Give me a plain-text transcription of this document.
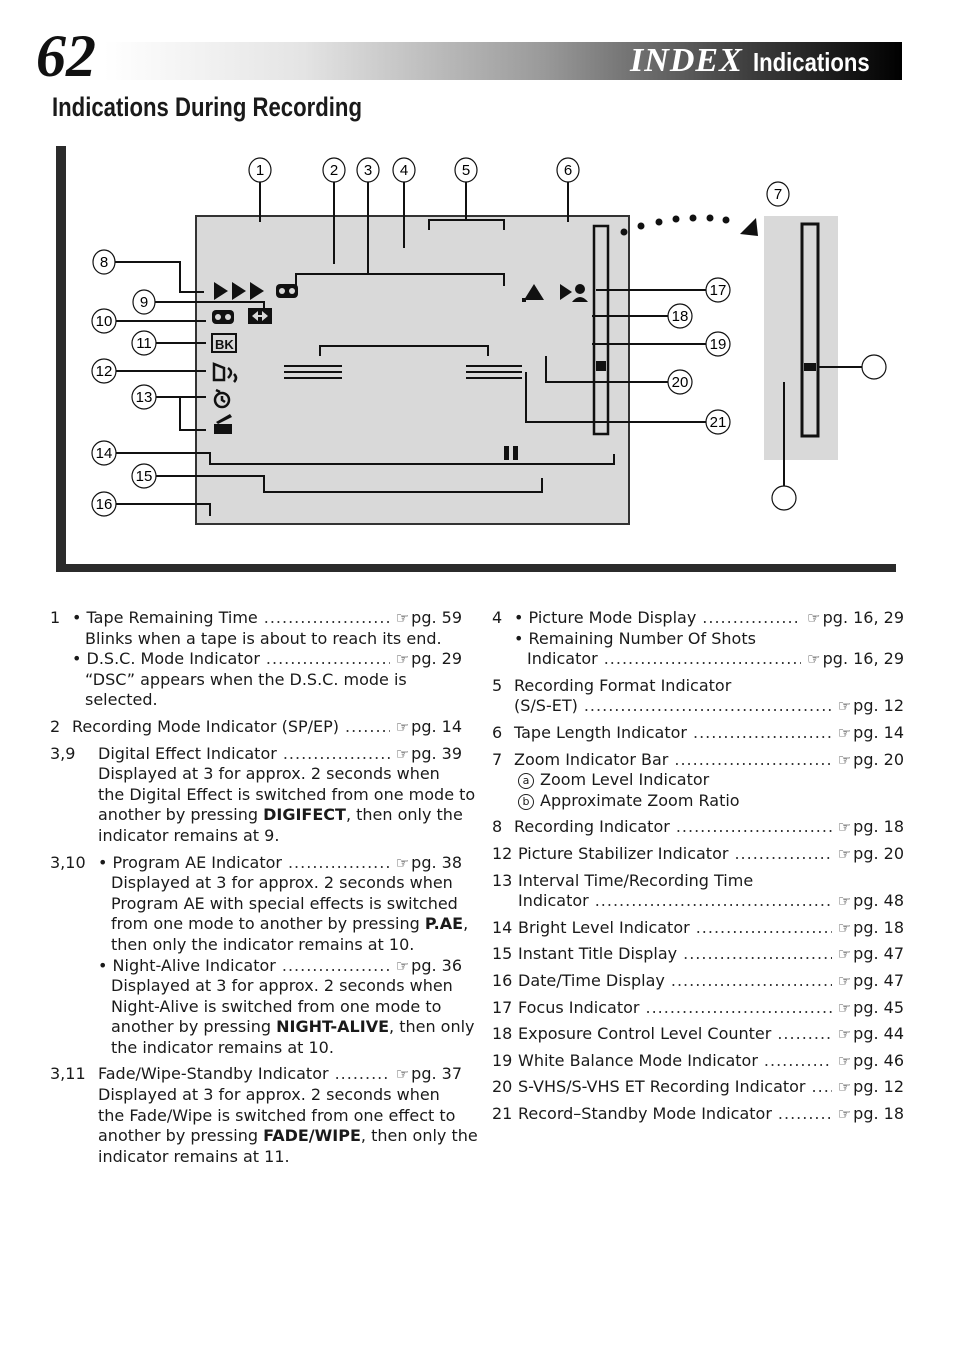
62	INDEX Indications
Indications During Recording
BK
1	2 3 4	5	6
7
8
9
10
11
12
13
14
15
16
17
18
19
20
21
1 • Tape Remaining Time	☞ pg. 59
.....
Blinks when a tape is about to reach its end.
• D.S.C. Mode Indicator	☞ pg. 29
.....
“DSC” appears when the D.S.C. mode is
selected.
2 Recording Mode Indicator (SP/EP)	☞ pg. 14
.....
3,9 Digital Effect Indicator	☞ pg. 39
.....
Displayed at 3 for approx. 2 seconds when
the Digital Effect is switched from one mode to
another by pressing DIGIFECT, then only the
indicator remains at 9.
3,10 • Program AE Indicator	☞ pg. 38
.....
Displayed at 3 for approx. 2 seconds when
Program AE with special effects is switched
from one mode to another by pressing P.AE,
then only the indicator remains at 10.
• Night-Alive Indicator	☞ pg. 36
.....
Displayed at 3 for approx. 2 seconds when
Night-Alive is switched from one mode to
another by pressing NIGHT-ALIVE, then only
the indicator remains at 10.
3,11 Fade/Wipe-Standby Indicator	☞ pg. 37
.....
Displayed at 3 for approx. 2 seconds when
the Fade/Wipe is switched from one effect to
another by pressing FADE/WIPE, then only the
indicator remains at 11.
4 • Picture Mode Display	☞ pg. 16, 29
.....
• Remaining Number Of Shots
Indicator	☞ pg. 16, 29
.....
5 Recording Format Indicator
(S/S-ET)	☞ pg. 12
.....
6 Tape Length Indicator	☞ pg. 14
.....
7 Zoom Indicator Bar	☞ pg. 20
.....
a Zoom Level Indicator
b Approximate Zoom Ratio
8 Recording Indicator	☞ pg. 18
.....
12 Picture Stabilizer Indicator	☞ pg. 20
.....
13 Interval Time/Recording Time
Indicator	☞ pg. 48
.....
14 Bright Level Indicator	☞ pg. 18
.....
15 Instant Title Display	☞ pg. 47
.....
16 Date/Time Display	☞ pg. 47
.....
17 Focus Indicator	☞ pg. 45
.....
18 Exposure Control Level Counter	☞ pg. 44
.....
19 White Balance Mode Indicator	☞ pg. 46
.....
20 S-VHS/S-VHS ET Recording Indicator ☞ pg. 12
.....
21 Record–Standby Mode Indicator	☞ pg. 18
.....
